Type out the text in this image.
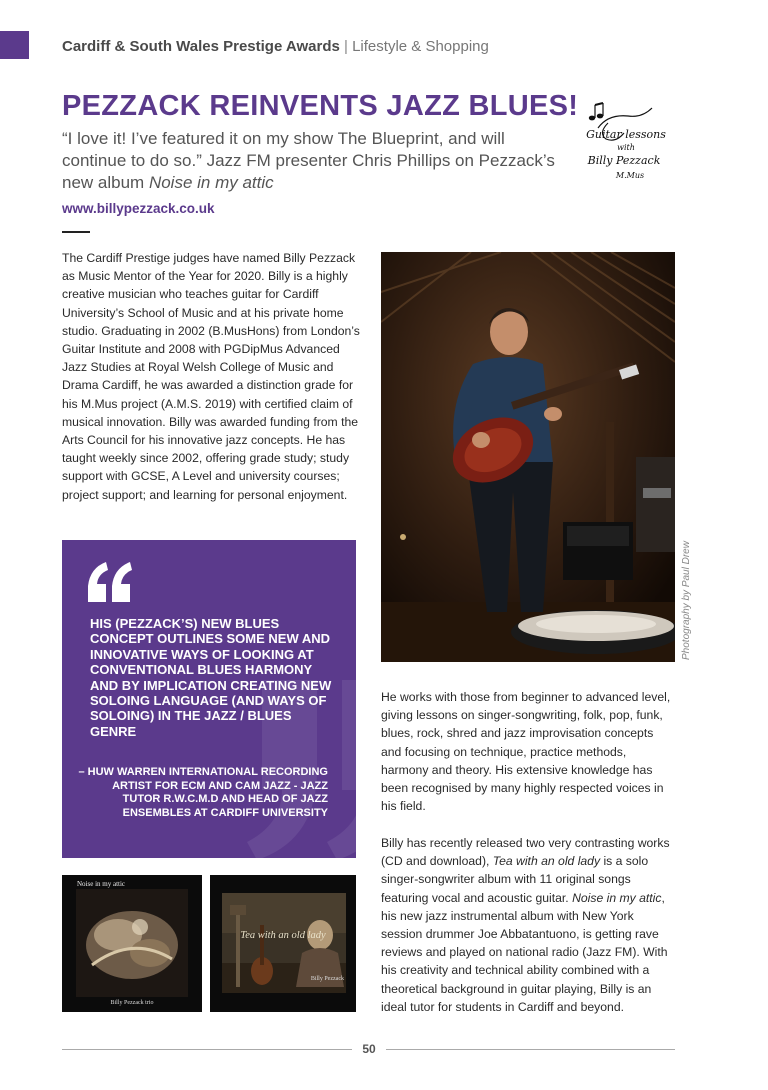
Cardiff & South Wales Prestige Awards | Lifestyle & Shopping
PEZZACK REINVENTS JAZZ BLUES!
“I love it! I’ve featured it on my show The Blueprint, and will continue to do so.” Jazz FM presenter Chris Phillips on Pezzack’s new album Noise in my attic
Guitar lessons
with
Billy Pezzack
M.Mus
www.billypezzack.co.uk

The Cardiff Prestige judges have named Billy Pezzack as Music Mentor of the Year for 2020. Billy is a highly creative musician who teaches guitar for Cardiff University’s School of Music and at his private home studio. Graduating in 2002 (B.MusHons) from London’s Guitar Institute and 2008 with PGDipMus Advanced Jazz Studies at Royal Welsh College of Music and Drama Cardiff, he was awarded a distinction grade for his M.Mus project (A.M.S. 2019) with certified claim of musical innovation. Billy was awarded funding from the Arts Council for his innovative jazz concepts. He has taught weekly since 2002, offering grade study; study support with GCSE, A Level and university courses; project support; and learning for personal enjoyment.

Photography by Paul Drew
HIS (PEZZACK’S) NEW BLUES CONCEPT OUTLINES SOME NEW AND INNOVATIVE WAYS OF LOOKING AT CONVENTIONAL BLUES HARMONY AND BY IMPLICATION CREATING NEW SOLOING LANGUAGE (AND WAYS OF SOLOING) IN THE JAZZ / BLUES GENRE
– HUW WARREN INTERNATIONAL RECORDING ARTIST FOR ECM AND CAM JAZZ - JAZZ TUTOR R.W.C.M.D AND HEAD OF JAZZ ENSEMBLES AT CARDIFF UNIVERSITY
Noise in my attic
Billy Pezzack trio
Tea with an old lady
Billy Pezzack

He works with those from beginner to advanced level, giving lessons on singer-songwriting, folk, pop, funk, blues, rock, shred and jazz improvisation concepts and focusing on technique, practice methods, harmony and theory. His extensive knowledge has been recognised by many highly respected voices in his field.

Billy has recently released two very contrasting works (CD and download), Tea with an old lady is a solo singer-songwriter album with 11 original songs featuring vocal and acoustic guitar. Noise in my attic, his new jazz instrumental album with New York session drummer Joe Abbatantuono, is getting rave reviews and played on national radio (Jazz FM). With his creativity and technical ability combined with a theoretical background in guitar playing, Billy is an ideal tutor for students in Cardiff and beyond.

50
